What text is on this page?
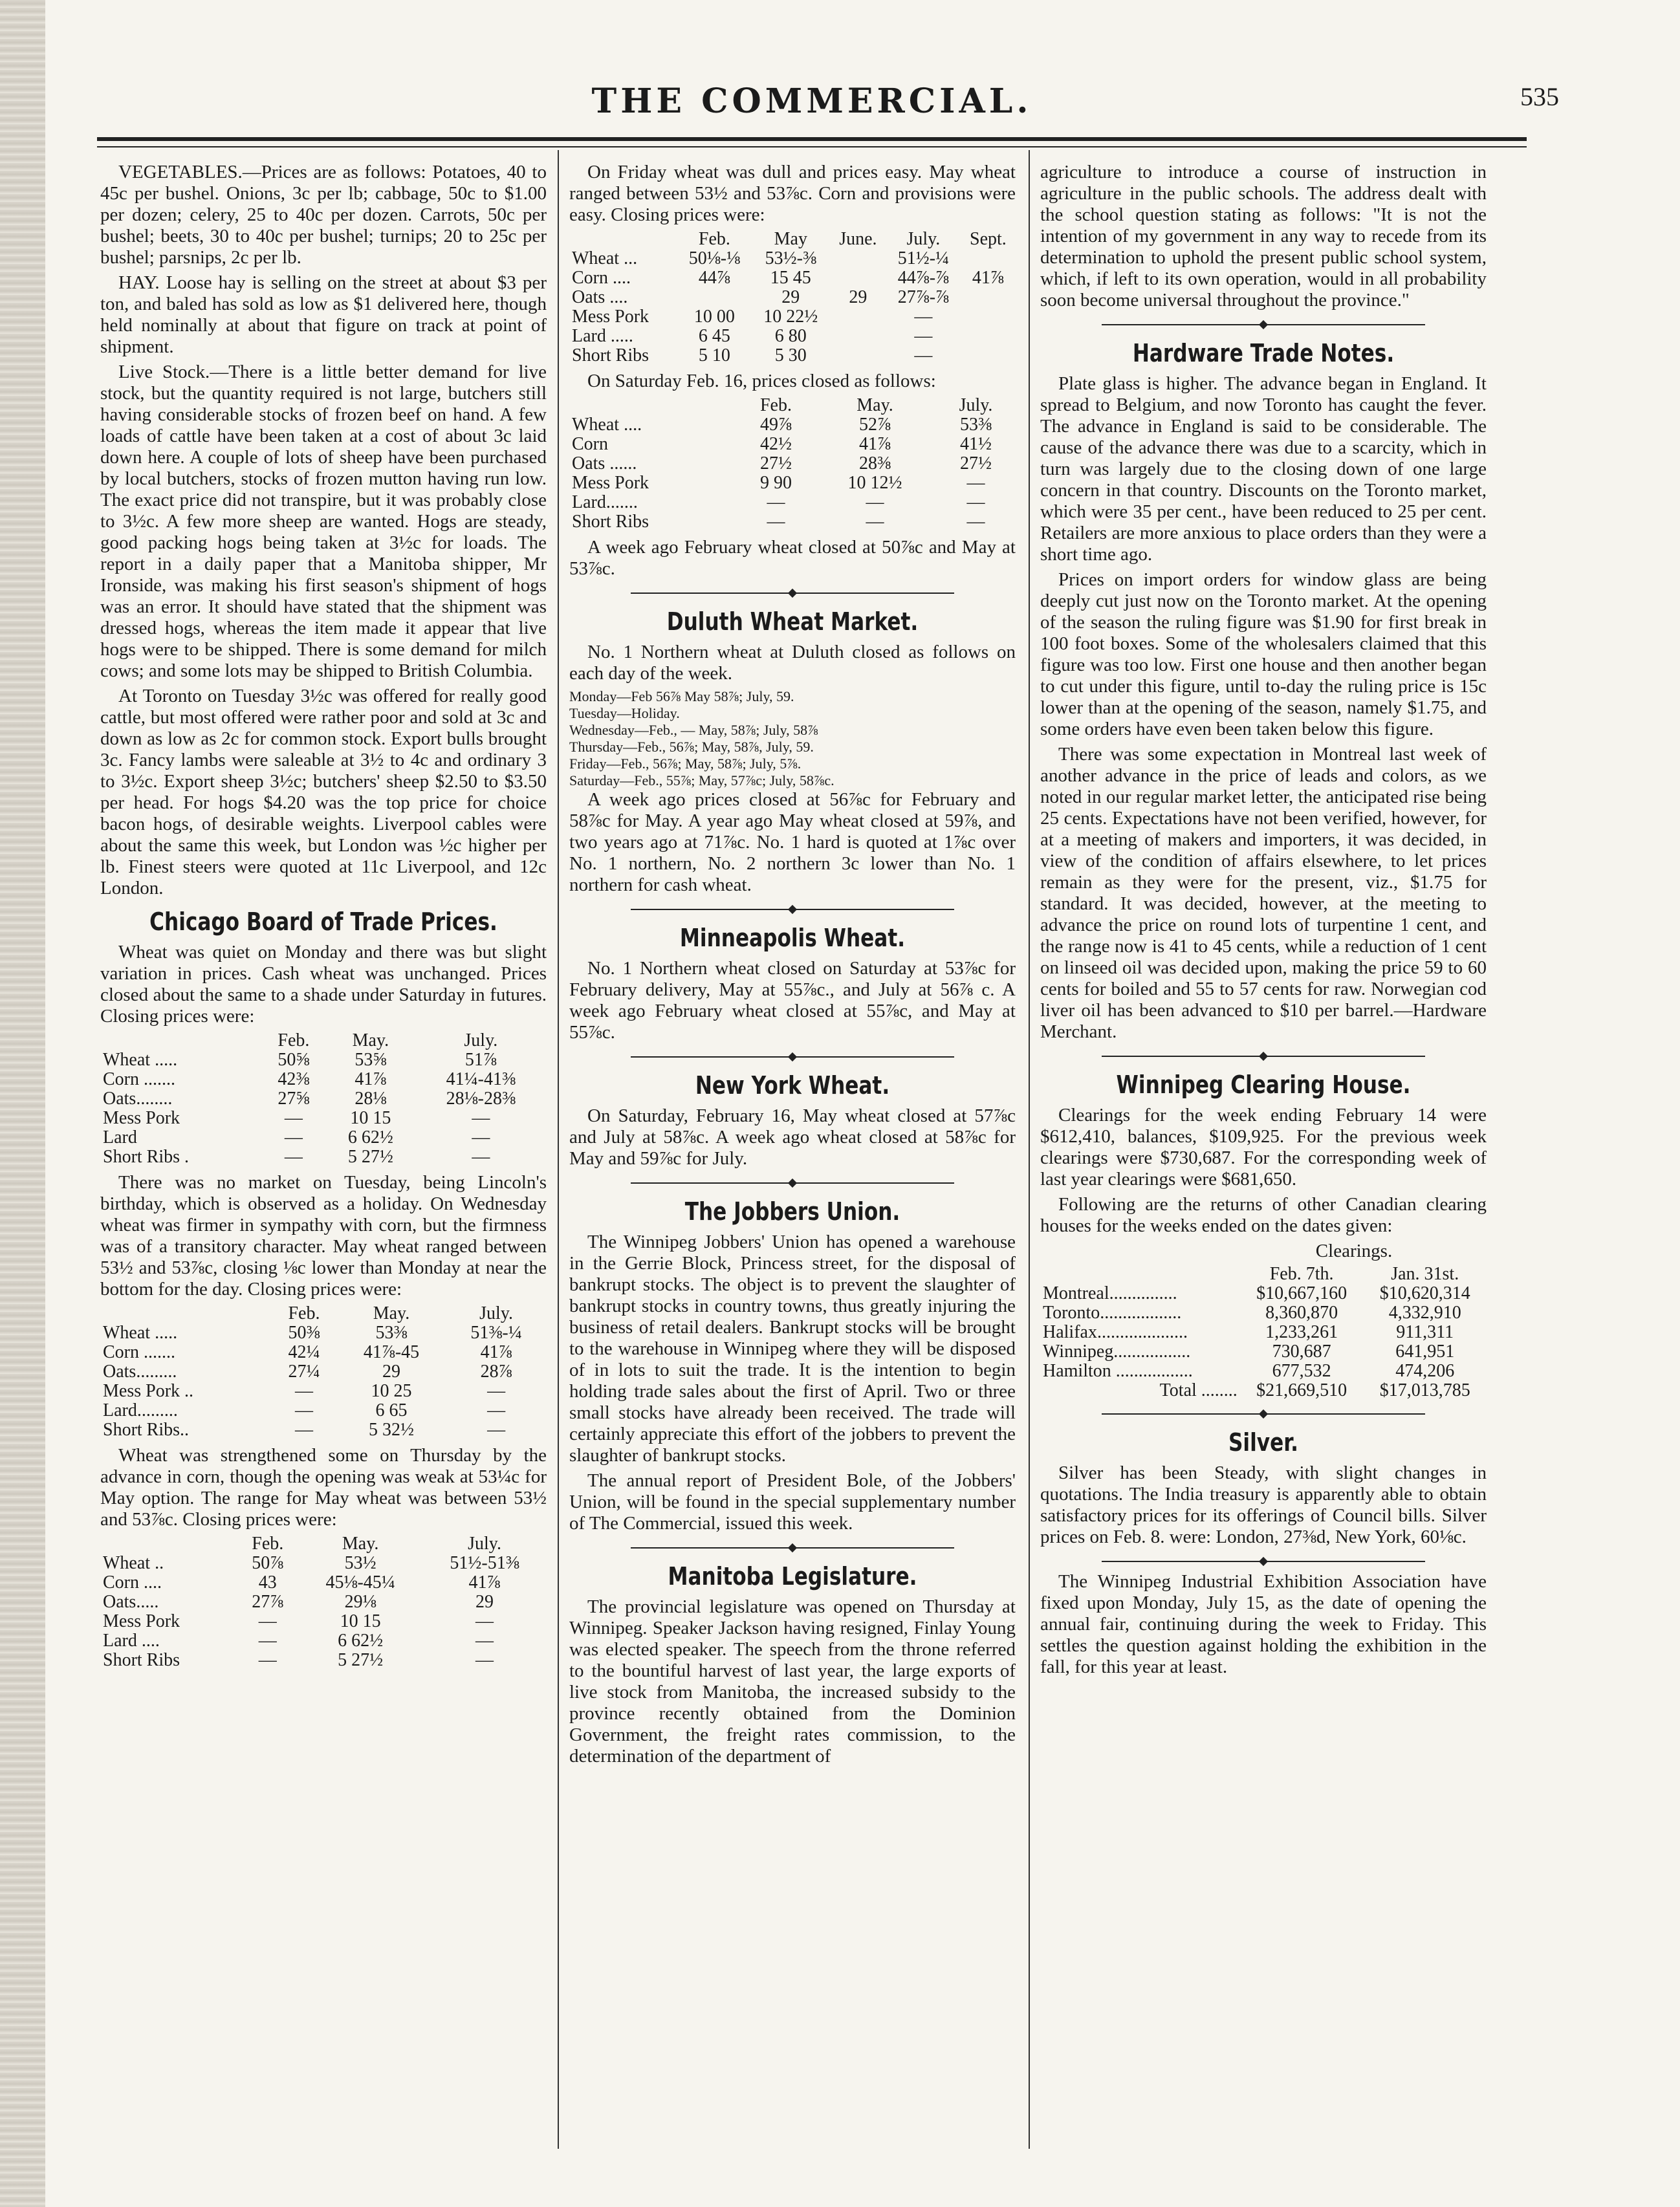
THE COMMERCIAL.	535

VEGETABLES.—Prices are as follows: Potatoes, 40 to 45c per bushel. Onions, 3c per lb; cabbage, 50c to $1.00 per dozen; celery, 25 to 40c per dozen. Carrots, 50c per bushel; beets, 30 to 40c per bushel; turnips; 20 to 25c per bushel; parsnips, 2c per lb.

HAY. Loose hay is selling on the street at about $3 per ton, and baled has sold as low as $1 delivered here, though held nominally at about that figure on track at point of shipment.

Live Stock.—There is a little better demand for live stock, but the quantity required is not large, butchers still having considerable stocks of frozen beef on hand. A few loads of cattle have been taken at a cost of about 3c laid down here. A couple of lots of sheep have been purchased by local butchers, stocks of frozen mutton having run low. The exact price did not transpire, but it was probably close to 3½c. A few more sheep are wanted. Hogs are steady, good packing hogs being taken at 3½c for loads. The report in a daily paper that a Manitoba shipper, Mr Ironside, was making his first season's shipment of hogs was an error. It should have stated that the shipment was dressed hogs, whereas the item made it appear that live hogs were to be shipped. There is some demand for milch cows; and some lots may be shipped to British Columbia.

At Toronto on Tuesday 3½c was offered for really good cattle, but most offered were rather poor and sold at 3c and down as low as 2c for common stock. Export bulls brought 3c. Fancy lambs were saleable at 3½ to 4c and ordinary 3 to 3½c. Export sheep 3½c; butchers' sheep $2.50 to $3.50 per head. For hogs $4.20 was the top price for choice bacon hogs, of desirable weights. Liverpool cables were about the same this week, but London was ½c higher per lb. Finest steers were quoted at 11c Liverpool, and 12c London.

Chicago Board of Trade Prices.

Wheat was quiet on Monday and there was but slight variation in prices. Cash wheat was unchanged. Prices closed about the same to a shade under Saturday in futures. Closing prices were:

	Feb.	May.	July.
Wheat .....	50⅝	53⅝	51⅞
Corn .......	42⅜	41⅞	41¼-41⅜
Oats........	27⅝	28⅛	28⅛-28⅜
Mess Pork	—	10 15	—
Lard	—	6 62½	—
Short Ribs .	—	5 27½	—

There was no market on Tuesday, being Lincoln's birthday, which is observed as a holiday. On Wednesday wheat was firmer in sympathy with corn, but the firmness was of a transitory character. May wheat ranged between 53½ and 53⅞c, closing ⅛c lower than Monday at near the bottom for the day. Closing prices were:

	Feb.	May.	July.
Wheat .....	50⅜	53⅜	51⅜-¼
Corn .......	42¼	41⅞-45	41⅞
Oats.........	27¼	29	28⅞
Mess Pork ..	—	10 25	—
Lard.........	—	6 65	—
Short Ribs..	—	5 32½	—

Wheat was strengthened some on Thursday by the advance in corn, though the opening was weak at 53¼c for May option. The range for May wheat was between 53½ and 53⅞c. Closing prices were:

	Feb.	May.	July.
Wheat ..	50⅞	53½	51½-51⅜
Corn ....	43	45⅛-45¼	41⅞
Oats.....	27⅞	29⅛	29
Mess Pork	—	10 15	—
Lard ....	—	6 62½	—
Short Ribs	—	5 27½	—

On Friday wheat was dull and prices easy. May wheat ranged between 53½ and 53⅞c. Corn and provisions were easy. Closing prices were:

	Feb.	May	June.	July.	Sept.
Wheat ...	50⅛-⅛	53½-⅜		51½-¼	
Corn ....	44⅞	15 45		44⅞-⅞	41⅞
Oats ....		29	29	27⅞-⅞	
Mess Pork	10 00	10 22½		—	
Lard .....	6 45	6 80		—	
Short Ribs	5 10	5 30		—	

On Saturday Feb. 16, prices closed as follows:

	Feb.	May.	July.
Wheat ....	49⅞	52⅞	53⅜
Corn	42½	41⅞	41½
Oats ......	27½	28⅜	27½
Mess Pork	9 90	10 12½	—
Lard.......	—	—	—
Short Ribs	—	—	—

A week ago February wheat closed at 50⅞c and May at 53⅞c.

Duluth Wheat Market.

No. 1 Northern wheat at Duluth closed as follows on each day of the week.

Monday—Feb 56⅞ May 58⅞; July, 59.

Tuesday—Holiday.

Wednesday—Feb., — May, 58⅞; July, 58⅞

Thursday—Feb., 56⅞; May, 58⅞, July, 59.

Friday—Feb., 56⅞; May, 58⅞; July, 5⅞.

Saturday—Feb., 55⅞; May, 57⅞c; July, 58⅞c.

A week ago prices closed at 56⅞c for February and 58⅞c for May. A year ago May wheat closed at 59⅞, and two years ago at 71⅞c. No. 1 hard is quoted at 1⅞c over No. 1 northern, No. 2 northern 3c lower than No. 1 northern for cash wheat.

Minneapolis Wheat.

No. 1 Northern wheat closed on Saturday at 53⅞c for February delivery, May at 55⅞c., and July at 56⅞ c. A week ago February wheat closed at 55⅞c, and May at 55⅞c.

New York Wheat.

On Saturday, February 16, May wheat closed at 57⅞c and July at 58⅞c. A week ago wheat closed at 58⅞c for May and 59⅞c for July.

The Jobbers Union.

The Winnipeg Jobbers' Union has opened a warehouse in the Gerrie Block, Princess street, for the disposal of bankrupt stocks. The object is to prevent the slaughter of bankrupt stocks in country towns, thus greatly injuring the business of retail dealers. Bankrupt stocks will be brought to the warehouse in Winnipeg where they will be disposed of in lots to suit the trade. It is the intention to begin holding trade sales about the first of April. Two or three small stocks have already been received. The trade will certainly appreciate this effort of the jobbers to prevent the slaughter of bankrupt stocks.

The annual report of President Bole, of the Jobbers' Union, will be found in the special supplementary number of The Commercial, issued this week.

Manitoba Legislature.

The provincial legislature was opened on Thursday at Winnipeg. Speaker Jackson having resigned, Finlay Young was elected speaker. The speech from the throne referred to the bountiful harvest of last year, the large exports of live stock from Manitoba, the increased subsidy to the province recently obtained from the Dominion Government, the freight rates commission, to the determination of the department of

agriculture to introduce a course of instruction in agriculture in the public schools. The address dealt with the school question stating as follows: "It is not the intention of my government in any way to recede from its determination to uphold the present public school system, which, if left to its own operation, would in all probability soon become universal throughout the province."

Hardware Trade Notes.

Plate glass is higher. The advance began in England. It spread to Belgium, and now Toronto has caught the fever. The advance in England is said to be considerable. The cause of the advance there was due to a scarcity, which in turn was largely due to the closing down of one large concern in that country. Discounts on the Toronto market, which were 35 per cent., have been reduced to 25 per cent. Retailers are more anxious to place orders than they were a short time ago.

Prices on import orders for window glass are being deeply cut just now on the Toronto market. At the opening of the season the ruling figure was $1.90 for first break in 100 foot boxes. Some of the wholesalers claimed that this figure was too low. First one house and then another began to cut under this figure, until to-day the ruling price is 15c lower than at the opening of the season, namely $1.75, and some orders have even been taken below this figure.

There was some expectation in Montreal last week of another advance in the price of leads and colors, as we noted in our regular market letter, the anticipated rise being 25 cents. Expectations have not been verified, however, for at a meeting of makers and importers, it was decided, in view of the condition of affairs elsewhere, to let prices remain as they were for the present, viz., $1.75 for standard. It was decided, however, at the meeting to advance the price on round lots of turpentine 1 cent, and the range now is 41 to 45 cents, while a reduction of 1 cent on linseed oil was decided upon, making the price 59 to 60 cents for boiled and 55 to 57 cents for raw. Norwegian cod liver oil has been advanced to $10 per barrel.—Hardware Merchant.

Winnipeg Clearing House.

Clearings for the week ending February 14 were $612,410, balances, $109,925. For the previous week clearings were $730,687. For the corresponding week of last year clearings were $681,650.

Following are the returns of other Canadian clearing houses for the weeks ended on the dates given:

Clearings.
	Feb. 7th.	Jan. 31st.
Montreal...............	$10,667,160	$10,620,314
Toronto..................	8,360,870	4,332,910
Halifax....................	1,233,261	911,311
Winnipeg.................	730,687	641,951
Hamilton .................	677,532	474,206
Total ........	$21,669,510	$17,013,785
Silver.

Silver has been Steady, with slight changes in quotations. The India treasury is apparently able to obtain satisfactory prices for its offerings of Council bills. Silver prices on Feb. 8. were: London, 27⅜d, New York, 60⅛c.

The Winnipeg Industrial Exhibition Association have fixed upon Monday, July 15, as the date of opening the annual fair, continuing during the week to Friday. This settles the question against holding the exhibition in the fall, for this year at least.
